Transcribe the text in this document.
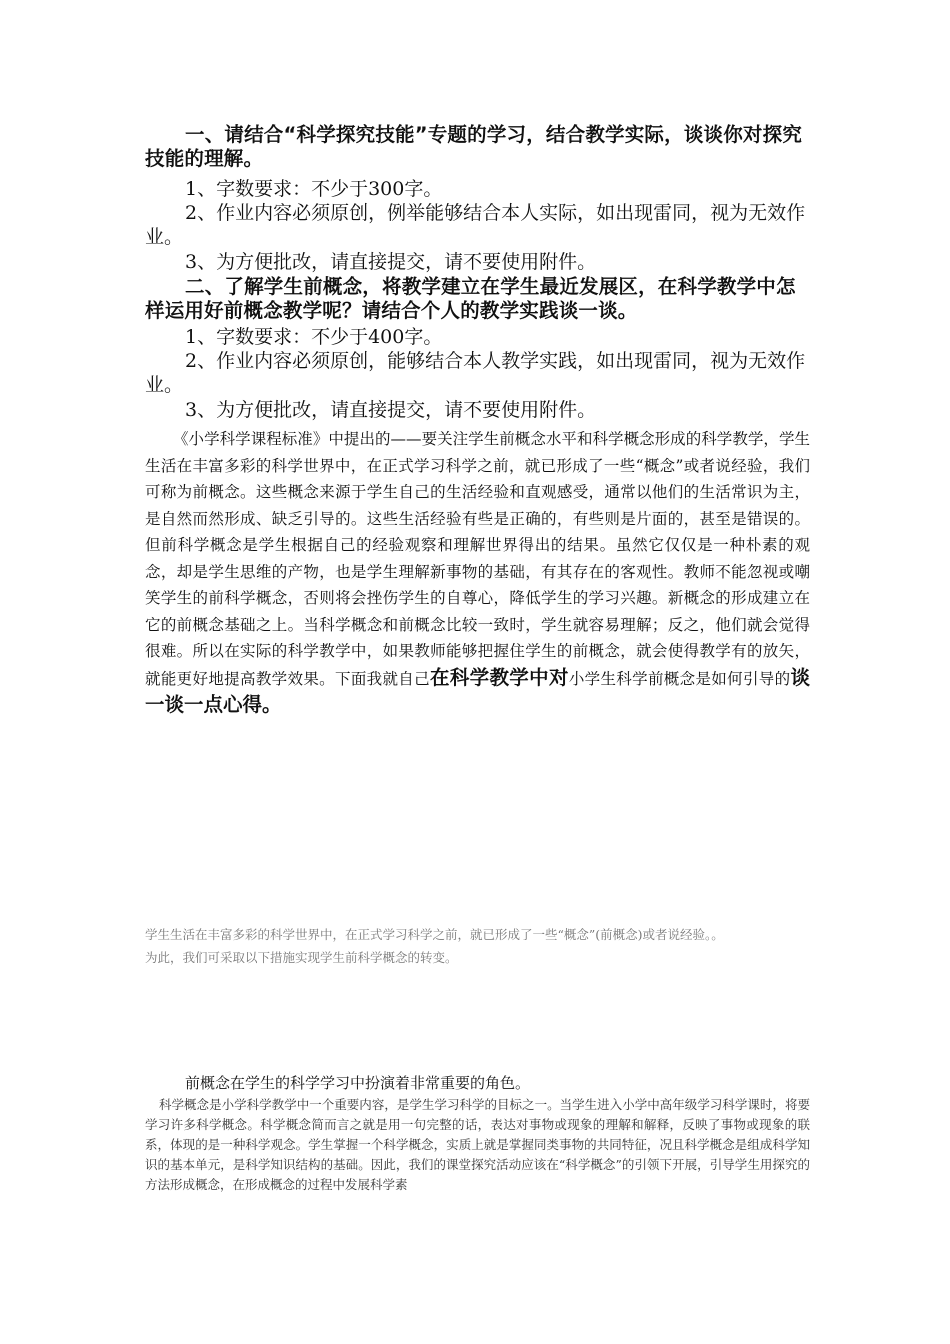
一、请结合“科学探究技能”专题的学习，结合教学实际，谈谈你对探究技能的理解。
1、字数要求：不少于300字。
2、作业内容必须原创，例举能够结合本人实际，如出现雷同，视为无效作业。
3、为方便批改，请直接提交，请不要使用附件。
二、了解学生前概念，将教学建立在学生最近发展区，在科学教学中怎样运用好前概念教学呢？请结合个人的教学实践谈一谈。
1、字数要求：不少于400字。
2、作业内容必须原创，能够结合本人教学实践，如出现雷同，视为无效作业。
3、为方便批改，请直接提交，请不要使用附件。
《小学科学课程标准》中提出的——要关注学生前概念水平和科学概念形成的科学教学，学生生活在丰富多彩的科学世界中，在正式学习科学之前，就已形成了一些“概念”或者说经验，我们可称为前概念。这些概念来源于学生自己的生活经验和直观感受，通常以他们的生活常识为主，是自然而然形成、缺乏引导的。这些生活经验有些是正确的，有些则是片面的，甚至是错误的。但前科学概念是学生根据自己的经验观察和理解世界得出的结果。虽然它仅仅是一种朴素的观念，却是学生思维的产物，也是学生理解新事物的基础，有其存在的客观性。教师不能忽视或嘲笑学生的前科学概念，否则将会挫伤学生的自尊心，降低学生的学习兴趣。新概念的形成建立在它的前概念基础之上。当科学概念和前概念比较一致时，学生就容易理解；反之，他们就会觉得很难。所以在实际的科学教学中，如果教师能够把握住学生的前概念，就会使得教学有的放矢，就能更好地提高教学效果。下面我就自己在科学教学中对小学生科学前概念是如何引导的谈一谈一点心得。
学生生活在丰富多彩的科学世界中，在正式学习科学之前，就已形成了一些“概念”(前概念)或者说经验。。
为此，我们可采取以下措施实现学生前科学概念的转变。
前概念在学生的科学学习中扮演着非常重要的角色。
科学概念是小学科学教学中一个重要内容，是学生学习科学的目标之一。当学生进入小学中高年级学习科学课时，将要学习许多科学概念。科学概念简而言之就是用一句完整的话，表达对事物或现象的理解和解释，反映了事物或现象的联系，体现的是一种科学观念。学生掌握一个科学概念，实质上就是掌握同类事物的共同特征，况且科学概念是组成科学知识的基本单元，是科学知识结构的基础。因此，我们的课堂探究活动应该在“科学概念”的引领下开展，引导学生用探究的方法形成概念，在形成概念的过程中发展科学素
